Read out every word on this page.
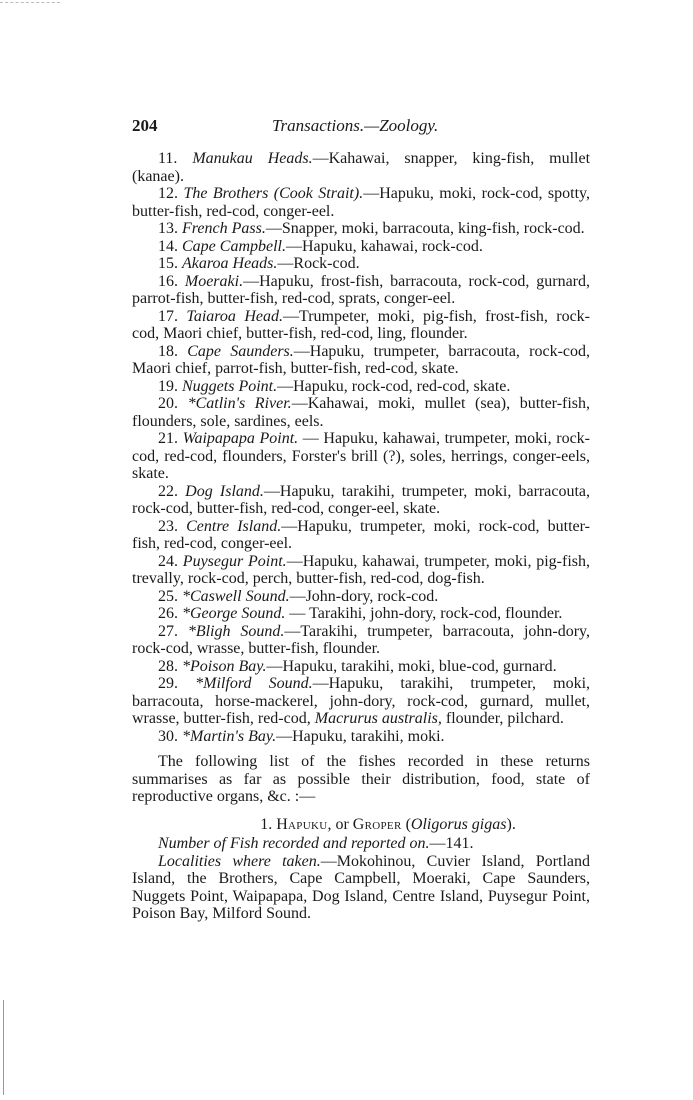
204	Transactions.—Zoology.

11. Manukau Heads.—Kahawai, snapper, king-fish, mullet (kanae).

12. The Brothers (Cook Strait).—Hapuku, moki, rock-cod, spotty, butter-fish, red-cod, conger-eel.

13. French Pass.—Snapper, moki, barracouta, king-fish, rock-cod.

14. Cape Campbell.—Hapuku, kahawai, rock-cod.

15. Akaroa Heads.—Rock-cod.

16. Moeraki.—Hapuku, frost-fish, barracouta, rock-cod, gurnard, parrot-fish, butter-fish, red-cod, sprats, conger-eel.

17. Taiaroa Head.—Trumpeter, moki, pig-fish, frost-fish, rock-cod, Maori chief, butter-fish, red-cod, ling, flounder.

18. Cape Saunders.—Hapuku, trumpeter, barracouta, rock-cod, Maori chief, parrot-fish, butter-fish, red-cod, skate.

19. Nuggets Point.—Hapuku, rock-cod, red-cod, skate.

20. *Catlin's River.—Kahawai, moki, mullet (sea), butter-fish, flounders, sole, sardines, eels.

21. Waipapapa Point. — Hapuku, kahawai, trumpeter, moki, rock-cod, red-cod, flounders, Forster's brill (?), soles, herrings, conger-eels, skate.

22. Dog Island.—Hapuku, tarakihi, trumpeter, moki, barracouta, rock-cod, butter-fish, red-cod, conger-eel, skate.

23. Centre Island.—Hapuku, trumpeter, moki, rock-cod, butter-fish, red-cod, conger-eel.

24. Puysegur Point.—Hapuku, kahawai, trumpeter, moki, pig-fish, trevally, rock-cod, perch, butter-fish, red-cod, dog-fish.

25. *Caswell Sound.—John-dory, rock-cod.

26. *George Sound. — Tarakihi, john-dory, rock-cod, flounder.

27. *Bligh Sound.—Tarakihi, trumpeter, barracouta, john-dory, rock-cod, wrasse, butter-fish, flounder.

28. *Poison Bay.—Hapuku, tarakihi, moki, blue-cod, gurnard.

29. *Milford Sound.—Hapuku, tarakihi, trumpeter, moki, barracouta, horse-mackerel, john-dory, rock-cod, gurnard, mullet, wrasse, butter-fish, red-cod, Macrurus australis, flounder, pilchard.

30. *Martin's Bay.—Hapuku, tarakihi, moki.

The following list of the fishes recorded in these returns summarises as far as possible their distribution, food, state of reproductive organs, &c. :—

1. Hapuku, or Groper (Oligorus gigas).

Number of Fish recorded and reported on.—141.

Localities where taken.—Mokohinou, Cuvier Island, Portland Island, the Brothers, Cape Campbell, Moeraki, Cape Saunders, Nuggets Point, Waipapapa, Dog Island, Centre Island, Puysegur Point, Poison Bay, Milford Sound.
